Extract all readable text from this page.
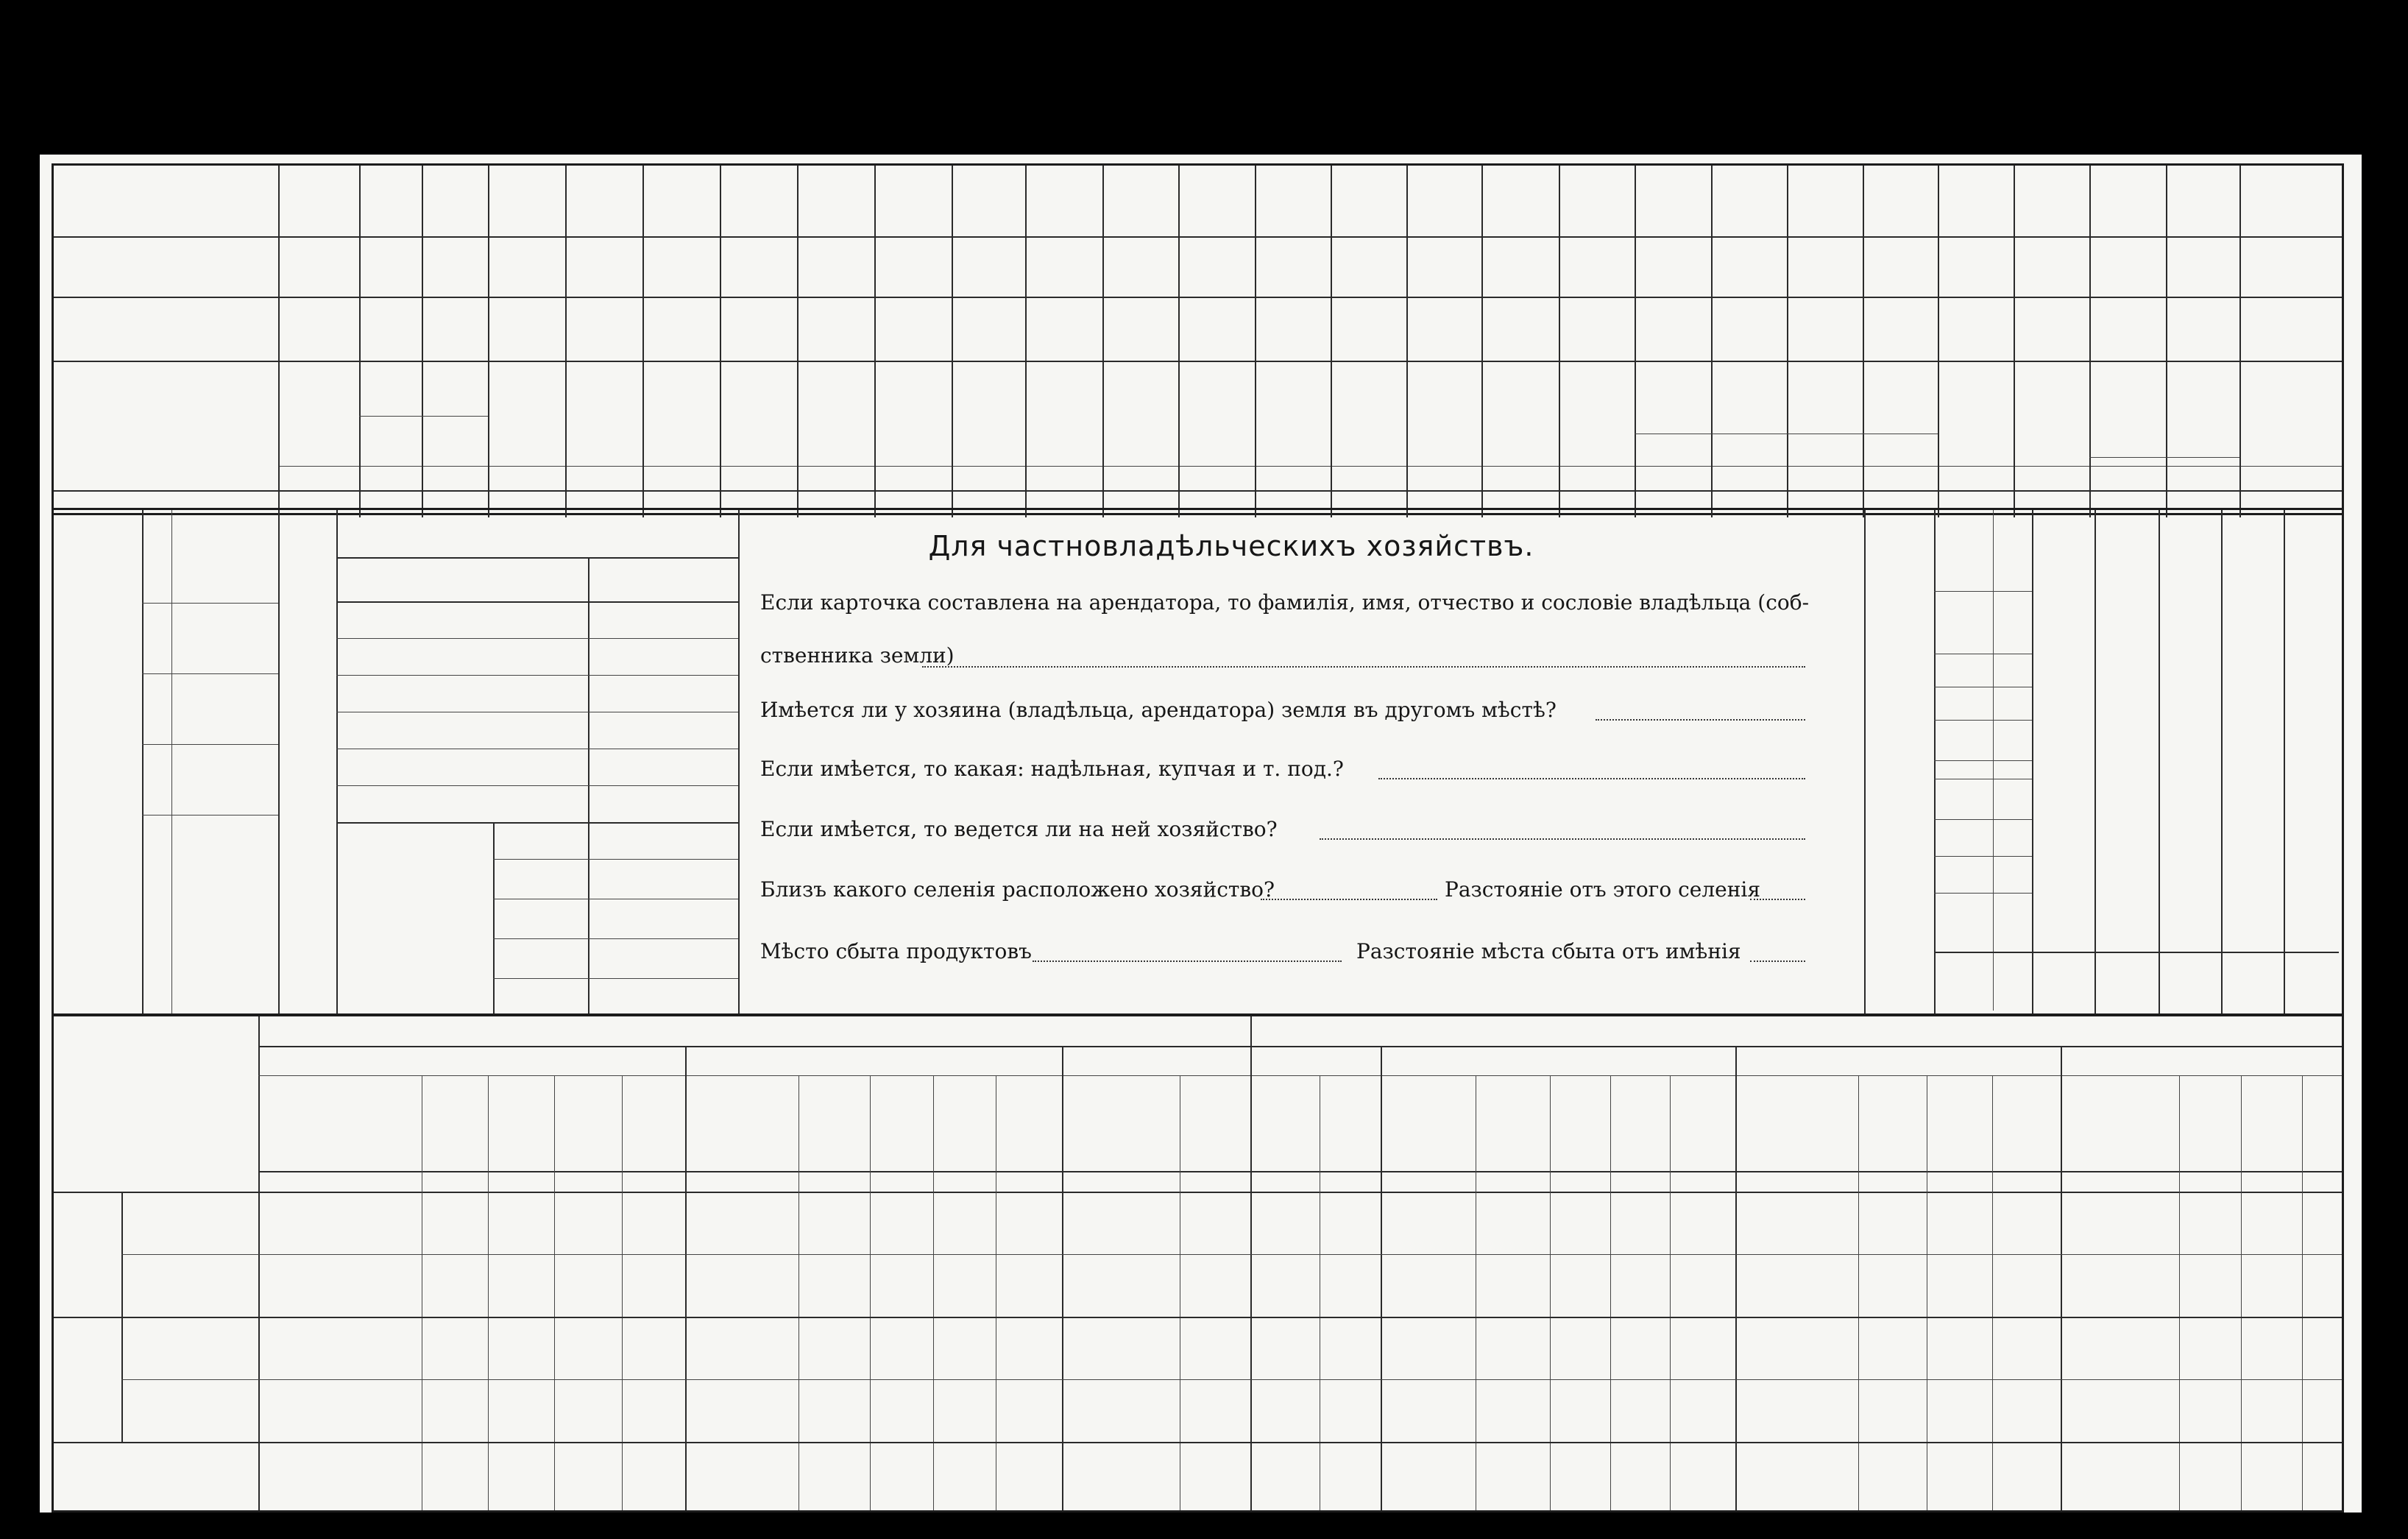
Для частновладѣльческихъ хозяйствъ.
Если карточка составлена на арендатора, то фамилія, имя, отчество и сословіе владѣльца (соб-
ственника земли)
Имѣется ли у хозяина (владѣльца, арендатора) земля въ другомъ мѣстѣ?
Если имѣется, то какая: надѣльная, купчая и т. под.?
Если имѣется, то ведется ли на ней хозяйство?
Близъ какого селенія расположено хозяйство?	Разстояніе отъ этого селенія
Мѣсто сбыта продуктовъ	Разстояніе мѣста сбыта отъ имѣнія
